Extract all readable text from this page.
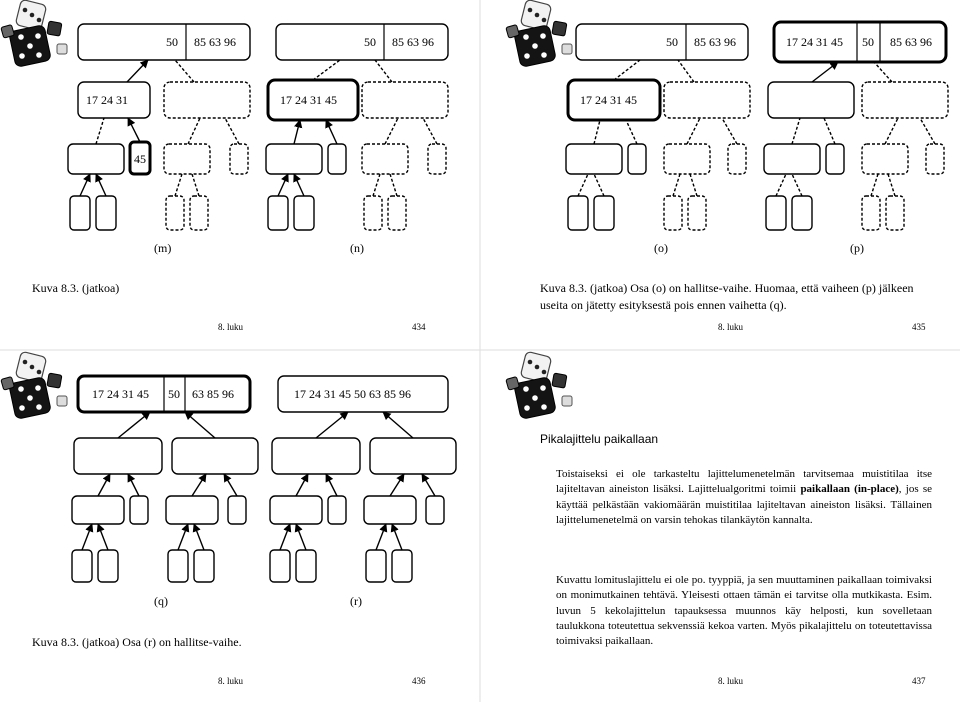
50 85 63 96	50 85 63 96
17 24 31	17 24 31 45
45
(m)	(n)
Kuva 8.3. (jatkoa)
8. luku	434
50 85 63 96	17 24 31 45 50 85 63 96
17 24 31 45
(o)	(p)
Kuva 8.3. (jatkoa) Osa (o) on hallitse-vaihe. Huomaa, että vaiheen (p) jälkeen
useita on jätetty esityksestä pois ennen vaihetta (q).
8. luku	435
17 24 31 45 50 63 85 96	17 24 31 45 50 63 85 96
(q)	(r)
Kuva 8.3. (jatkoa) Osa (r) on hallitse-vaihe.
8. luku	436
Pikalajittelu paikallaan
Toistaiseksi ei ole tarkasteltu lajittelumenetelmän tarvitsemaa muistitilaa itse lajiteltavan aineiston lisäksi. Lajittelualgoritmi toimii paikallaan (in-place), jos se käyttää pelkästään vakiomäärän muistitilaa lajiteltavan aineiston lisäksi. Tällainen lajittelumenetelmä on varsin tehokas tilankäytön kannalta.
Kuvattu lomituslajittelu ei ole po. tyyppiä, ja sen muuttaminen paikallaan toimivaksi on monimutkainen tehtävä. Yleisesti ottaen tämän ei tarvitse olla mutkikasta. Esim. luvun 5 kekolajittelun tapauksessa muunnos käy helposti, kun sovelletaan taulukkona toteutettua sekvenssiä kekoa varten. Myös pikalajittelu on toteutettavissa toimivaksi paikallaan.
8. luku	437
